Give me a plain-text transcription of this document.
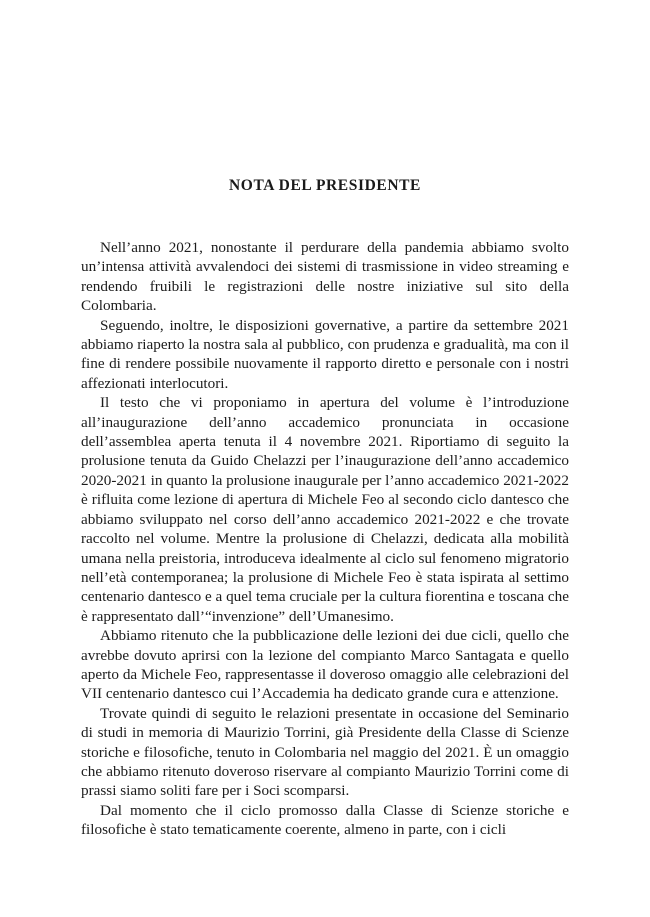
NOTA DEL PRESIDENTE

Nell’anno 2021, nonostante il perdurare della pandemia abbiamo svolto un’intensa attività avvalendoci dei sistemi di trasmissione in video streaming e rendendo fruibili le registrazioni delle nostre iniziative sul sito della Colombaria.

Seguendo, inoltre, le disposizioni governative, a partire da settembre 2021 abbiamo riaperto la nostra sala al pubblico, con prudenza e gradualità, ma con il fine di rendere possibile nuovamente il rapporto diretto e personale con i nostri affezionati interlocutori.

Il testo che vi proponiamo in apertura del volume è l’introduzione all’inaugurazione dell’anno accademico pronunciata in occasione dell’assemblea aperta tenuta il 4 novembre 2021. Riportiamo di seguito la prolusione tenuta da Guido Chelazzi per l’inaugurazione dell’anno accademico 2020-2021 in quanto la prolusione inaugurale per l’anno accademico 2021-2022 è rifluita come lezione di apertura di Michele Feo al secondo ciclo dantesco che abbiamo sviluppato nel corso dell’anno accademico 2021-2022 e che trovate raccolto nel volume. Mentre la prolusione di Chelazzi, dedicata alla mobilità umana nella preistoria, introduceva idealmente al ciclo sul fenomeno migratorio nell’età contemporanea; la prolusione di Michele Feo è stata ispirata al settimo centenario dantesco e a quel tema cruciale per la cultura fiorentina e toscana che è rappresentato dall’“invenzione” dell’Umanesimo.

Abbiamo ritenuto che la pubblicazione delle lezioni dei due cicli, quello che avrebbe dovuto aprirsi con la lezione del compianto Marco Santagata e quello aperto da Michele Feo, rappresentasse il doveroso omaggio alle celebrazioni del VII centenario dantesco cui l’Accademia ha dedicato grande cura e attenzione.

Trovate quindi di seguito le relazioni presentate in occasione del Seminario di studi in memoria di Maurizio Torrini, già Presidente della Classe di Scienze storiche e filosofiche, tenuto in Colombaria nel maggio del 2021. È un omaggio che abbiamo ritenuto doveroso riservare al compianto Maurizio Torrini come di prassi siamo soliti fare per i Soci scomparsi.

Dal momento che il ciclo promosso dalla Classe di Scienze storiche e filosofiche è stato tematicamente coerente, almeno in parte, con i cicli
